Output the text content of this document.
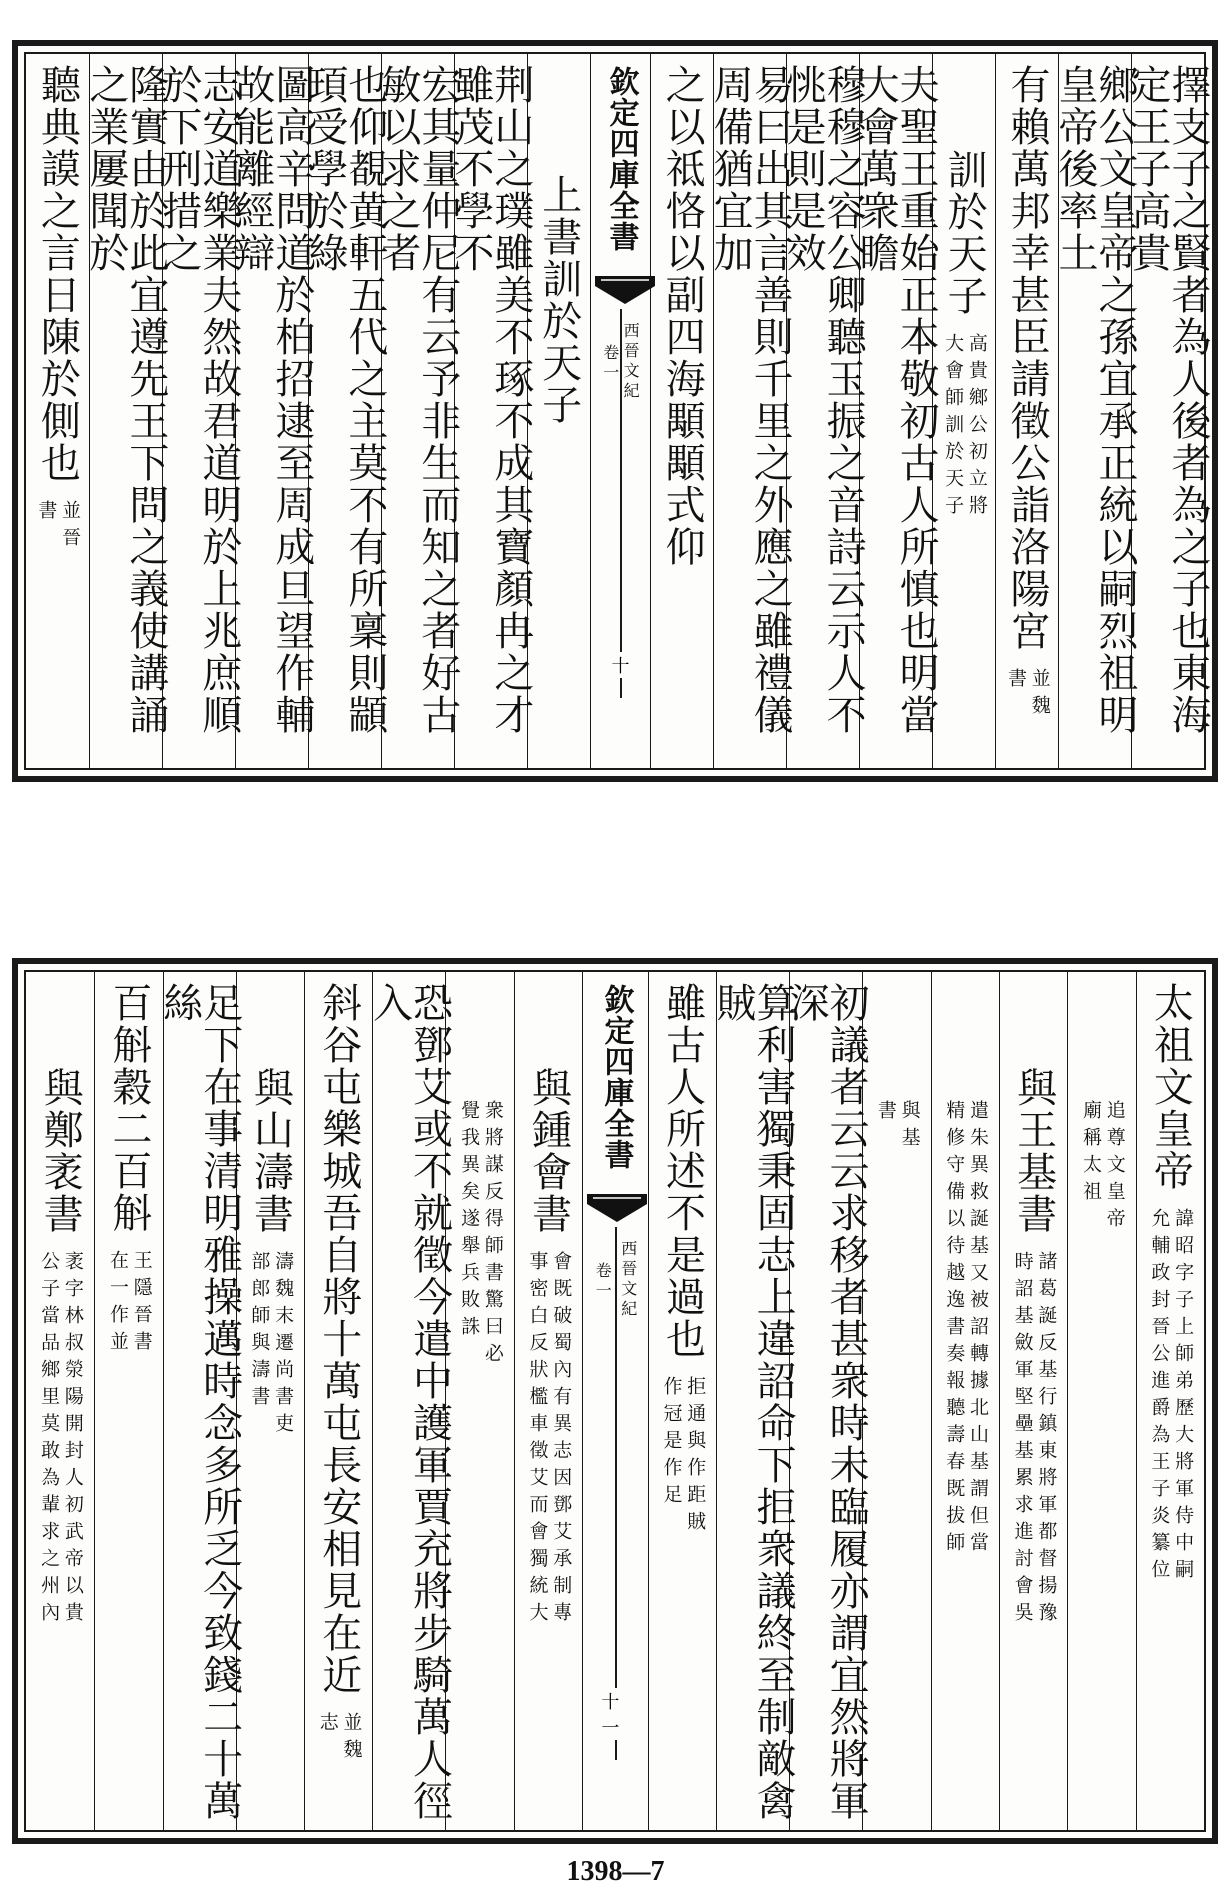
擇支子之賢者為人後者為之子也東海定王子高貴
鄉公文皇帝之孫宜承正統以嗣烈祖明皇帝後率土
有賴萬邦幸甚臣請徵公詣洛陽宮
書 並魏
訓於天子
大會師訓於天子 高貴鄉公初立將
夫聖王重始正本敬初古人所慎也明當大會萬衆瞻
穆穆之容公卿聽玉振之音詩云示人不恌是則是效
易曰出其言善則千里之外應之雖禮儀周備猶宜加
之以祗恪以副四海顒顒式仰
欽定四庫全書
西晉文紀
卷一
十
上書訓於天子
荆山之璞雖美不琢不成其寶顏冉之才雖茂不學不
宏其量仲尼有云予非生而知之者好古敏以求之者
也仰覩黄軒五代之主莫不有所稟則顓頊受學於綠
圖高辛問道於柏招逮至周成旦望作輔故能離經辯
志安道樂業夫然故君道明於上兆庶順於下刑措之
隆實由於此宜遵先王下問之義使講誦之業屢聞於
聽典謨之言日陳於側也
書 並晉
太祖文皇帝
允輔政封晉公進爵為王子炎纂位 諱昭字子上師弟歷大將軍侍中嗣
廟稱太祖 追尊文皇帝
與王基書
時詔基斂軍堅壘基累求進討會吳 諸葛誕反基行鎮東將軍都督揚豫
精修守備以待越逸書奏報聽壽春既拔師 遣朱異救誕基又被詔轉據北山基謂但當
書 與基
初議者云云求移者甚衆時未臨履亦謂宜然將軍深
算利害獨秉固志上違詔命下拒衆議終至制敵禽賊
雖古人所述不是過也
作冠是作足 拒通與作距賊
欽定四庫全書
西晉文紀
卷一
十一
與鍾會書
事密白反狀檻車徵艾而會獨統大 會既破蜀內有異志因鄧艾承制專
覺我異矣遂舉兵敗誅 衆將謀反得師書驚曰必
恐鄧艾或不就徵今遣中護軍賈充將步騎萬人徑入
斜谷屯樂城吾自將十萬屯長安相見在近
志 並魏
與山濤書
部郎師與濤書 濤魏末遷尚書吏
足下在事清明雅操邁時念多所乏今致錢二十萬絲
百斛穀二百斛
在一作並 王隱晉書
與鄭袤書
公子當品鄉里莫敢為輩求之州內 袤字林叔滎陽開封人初武帝以貴
1398—7
